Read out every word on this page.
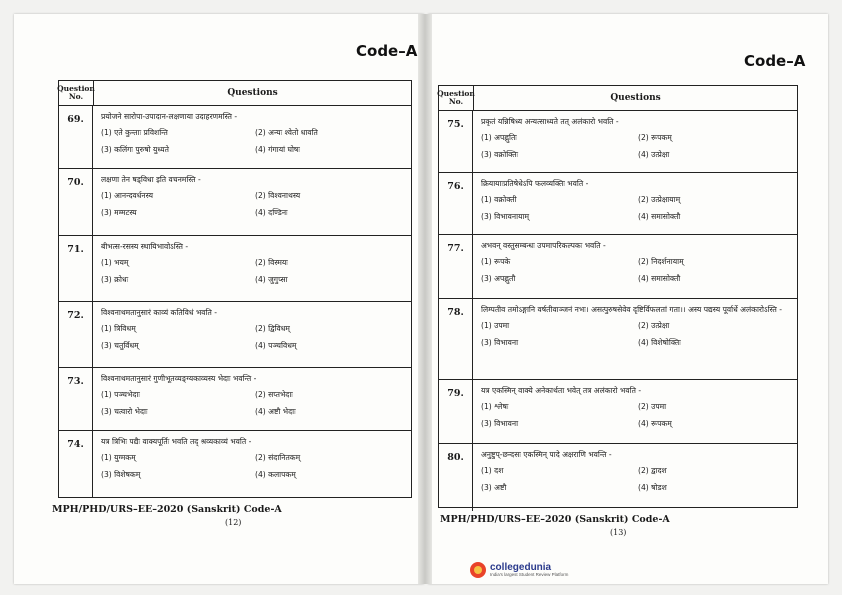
Code–A
Code–A
Question No.	Questions
69.	प्रयोजने सारोपा-उपादान-लक्षणाया उदाहरणमस्ति -
(1) एते कुन्ताः प्रविशन्ति	(2) अन्यः श्वेतो धावति
(3) कलिंगः पुरुषो युध्यते	(4) गंगायां घोषः
70.	लक्षणा तेन षड्विधा इति वचनमस्ति -
(1) आनन्दवर्धनस्य	(2) विश्वनाथस्य
(3) मम्मटस्य	(4) दण्डिनः
71.	बीभत्स-रसस्य स्थायिभावोऽस्ति -
(1) भयम्	(2) विस्मयः
(3) क्रोधः	(4) जुगुप्सा
72.	विश्वनाथमतानुसारं काव्यं कतिविधं भवति -
(1) त्रिविधम्	(2) द्विविधम्
(3) चतुर्विधम्	(4) पञ्चविधम्
73.	विश्वनाथमतानुसारं गुणीभूतव्यङ्ग्यकाव्यस्य भेदाः भवन्ति -
(1) पञ्चभेदाः	(2) सप्तभेदाः
(3) चत्वारो भेदाः	(4) अष्टौ भेदाः
74.	यत्र त्रिभिः पद्यैः वाक्यपूर्तिः भवति तद् श्रव्यकाव्यं भवति -
(1) युग्मकम्	(2) संदानितकम्
(3) विशेषकम्	(4) कलापकम्
Question No.	Questions
75.	प्रकृतं यन्निषिध्य अन्यत्साध्यते तत् अलंकारो भवति -
(1) अपह्नुतिः	(2) रूपकम्
(3) वक्रोक्तिः	(4) उत्प्रेक्षा
76.	क्रियायाःप्रतिषेधेऽपि फलव्यक्तिः भवति -
(1) वक्रोक्ती	(2) उत्प्रेक्षायाम्
(3) विभावनायाम्	(4) समासोक्तौ
77.	अभवन् वस्तुसम्बन्धः उपमापरिकल्पकः भवति -
(1) रूपके	(2) निदर्शनायाम्
(3) अपह्नुतौ	(4) समासोक्तौ
78.	लिम्पतीव तमोऽङ्गानि वर्षतीवाञ्जनं नभः। असत्पुरुषसेवेव दृष्टिर्विफलतां गता।। अस्य पद्यस्य पूर्वार्धे अलंकारोऽस्ति -
(1) उपमा	(2) उत्प्रेक्षा
(3) विभावना	(4) विशेषोक्तिः
79.	यत्र एकस्मिन् वाक्ये अनेकार्थता भवेत् तत्र अलंकारो भवति -
(1) श्लेषः	(2) उपमा
(3) विभावना	(4) रूपकम्
80.	अनुष्टुप्-छन्दसः एकस्मिन् पादे अक्षराणि भवन्ति -
(1) दश	(2) द्वादश
(3) अष्टौ	(4) षोडश
MPH/PHD/URS–EE–2020 (Sanskrit) Code-A
(12)	MPH/PHD/URS–EE–2020 (Sanskrit) Code-A
(13)
collegedunia
India's largest Student Review Platform
